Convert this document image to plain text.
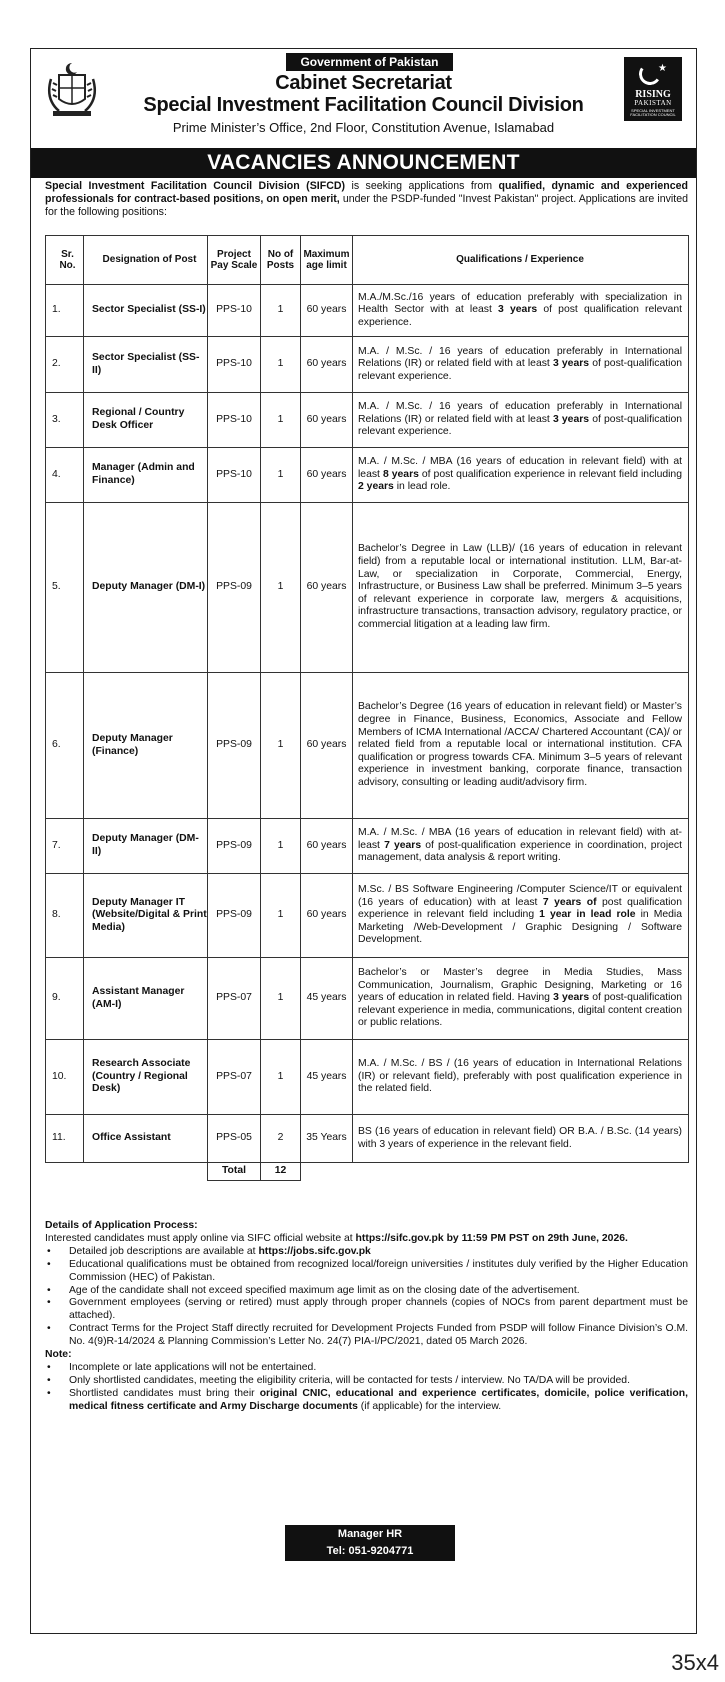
Government of Pakistan
Cabinet Secretariat
Special Investment Facilitation Council Division
Prime Minister’s Office, 2nd Floor, Constitution Avenue, Islamabad
★
RISING
PAKISTAN
SPECIAL INVESTMENT FACILITATION COUNCIL
VACANCIES ANNOUNCEMENT

Special Investment Facilitation Council Division (SIFCD) is seeking applications from qualified, dynamic and experienced professionals for contract-based positions, on open merit, under the PSDP-funded "Invest Pakistan" project. Applications are invited for the following positions:

Sr. No.	Designation of Post	Project Pay Scale	No of Posts	Maximum age limit	Qualifications / Experience
1.	Sector Specialist (SS-I)	PPS-10	1	60 years	M.A./M.Sc./16 years of education preferably with specialization in Health Sector with at least 3 years of post qualification relevant experience.
2.	Sector Specialist (SS-II)	PPS-10	1	60 years	M.A. / M.Sc. / 16 years of education preferably in International Relations (IR) or related field with at least 3 years of post-qualification relevant experience.
3.	Regional / Country Desk Officer	PPS-10	1	60 years	M.A. / M.Sc. / 16 years of education preferably in International Relations (IR) or related field with at least 3 years of post-qualification relevant experience.
4.	Manager (Admin and Finance)	PPS-10	1	60 years	M.A. / M.Sc. / MBA (16 years of education in relevant field) with at least 8 years of post qualification experience in relevant field including 2 years in lead role.
5.	Deputy Manager (DM-I)	PPS-09	1	60 years	Bachelor’s Degree in Law (LLB)/ (16 years of education in relevant field) from a reputable local or international institution. LLM, Bar-at-Law, or specialization in Corporate, Commercial, Energy, Infrastructure, or Business Law shall be preferred. Minimum 3–5 years of relevant experience in corporate law, mergers & acquisitions, infrastructure transactions, transaction advisory, regulatory practice, or commercial litigation at a leading law firm.
6.	Deputy Manager (Finance)	PPS-09	1	60 years	Bachelor’s Degree (16 years of education in relevant field) or Master’s degree in Finance, Business, Economics, Associate and Fellow Members of ICMA International /ACCA/ Chartered Accountant (CA)/ or related field from a reputable local or international institution. CFA qualification or progress towards CFA. Minimum 3–5 years of relevant experience in investment banking, corporate finance, transaction advisory, consulting or leading audit/advisory firm.
7.	Deputy Manager (DM-II)	PPS-09	1	60 years	M.A. / M.Sc. / MBA (16 years of education in relevant field) with at-least 7 years of post-qualification experience in coordination, project management, data analysis & report writing.
8.	Deputy Manager IT (Website/Digital & Print Media)	PPS-09	1	60 years	M.Sc. / BS Software Engineering /Computer Science/IT or equivalent (16 years of education) with at least 7 years of post qualification experience in relevant field including 1 year in lead role in Media Marketing /Web-Development / Graphic Designing / Software Development.
9.	Assistant Manager (AM-I)	PPS-07	1	45 years	Bachelor’s or Master’s degree in Media Studies, Mass Communication, Journalism, Graphic Designing, Marketing or 16 years of education in related field. Having 3 years of post-qualification relevant experience in media, communications, digital content creation or public relations.
10.	Research Associate (Country / Regional Desk)	PPS-07	1	45 years	M.A. / M.Sc. / BS / (16 years of education in International Relations (IR) or relevant field), preferably with post qualification experience in the related field.
11.	Office Assistant	PPS-05	2	35 Years	BS (16 years of education in relevant field) OR B.A. / B.Sc. (14 years) with 3 years of experience in the relevant field.
		Total	12		
Details of Application Process:

Interested candidates must apply online via SIFC official website at https://sifc.gov.pk by 11:59 PM PST on 29th June, 2026.

• Detailed job descriptions are available at https://jobs.sifc.gov.pk
• Educational qualifications must be obtained from recognized local/foreign universities / institutes duly verified by the Higher Education Commission (HEC) of Pakistan.
• Age of the candidate shall not exceed specified maximum age limit as on the closing date of the advertisement.
• Government employees (serving or retired) must apply through proper channels (copies of NOCs from parent department must be attached).
• Contract Terms for the Project Staff directly recruited for Development Projects Funded from PSDP will follow Finance Division’s O.M. No. 4(9)R-14/2024 & Planning Commission’s Letter No. 24(7) PIA-I/PC/2021, dated 05 March 2026.
Note:
• Incomplete or late applications will not be entertained.
• Only shortlisted candidates, meeting the eligibility criteria, will be contacted for tests / interview. No TA/DA will be provided.
• Shortlisted candidates must bring their original CNIC, educational and experience certificates, domicile, police verification, medical fitness certificate and Army Discharge documents (if applicable) for the interview.
Manager HR
Tel: 051-9204771
35x4
